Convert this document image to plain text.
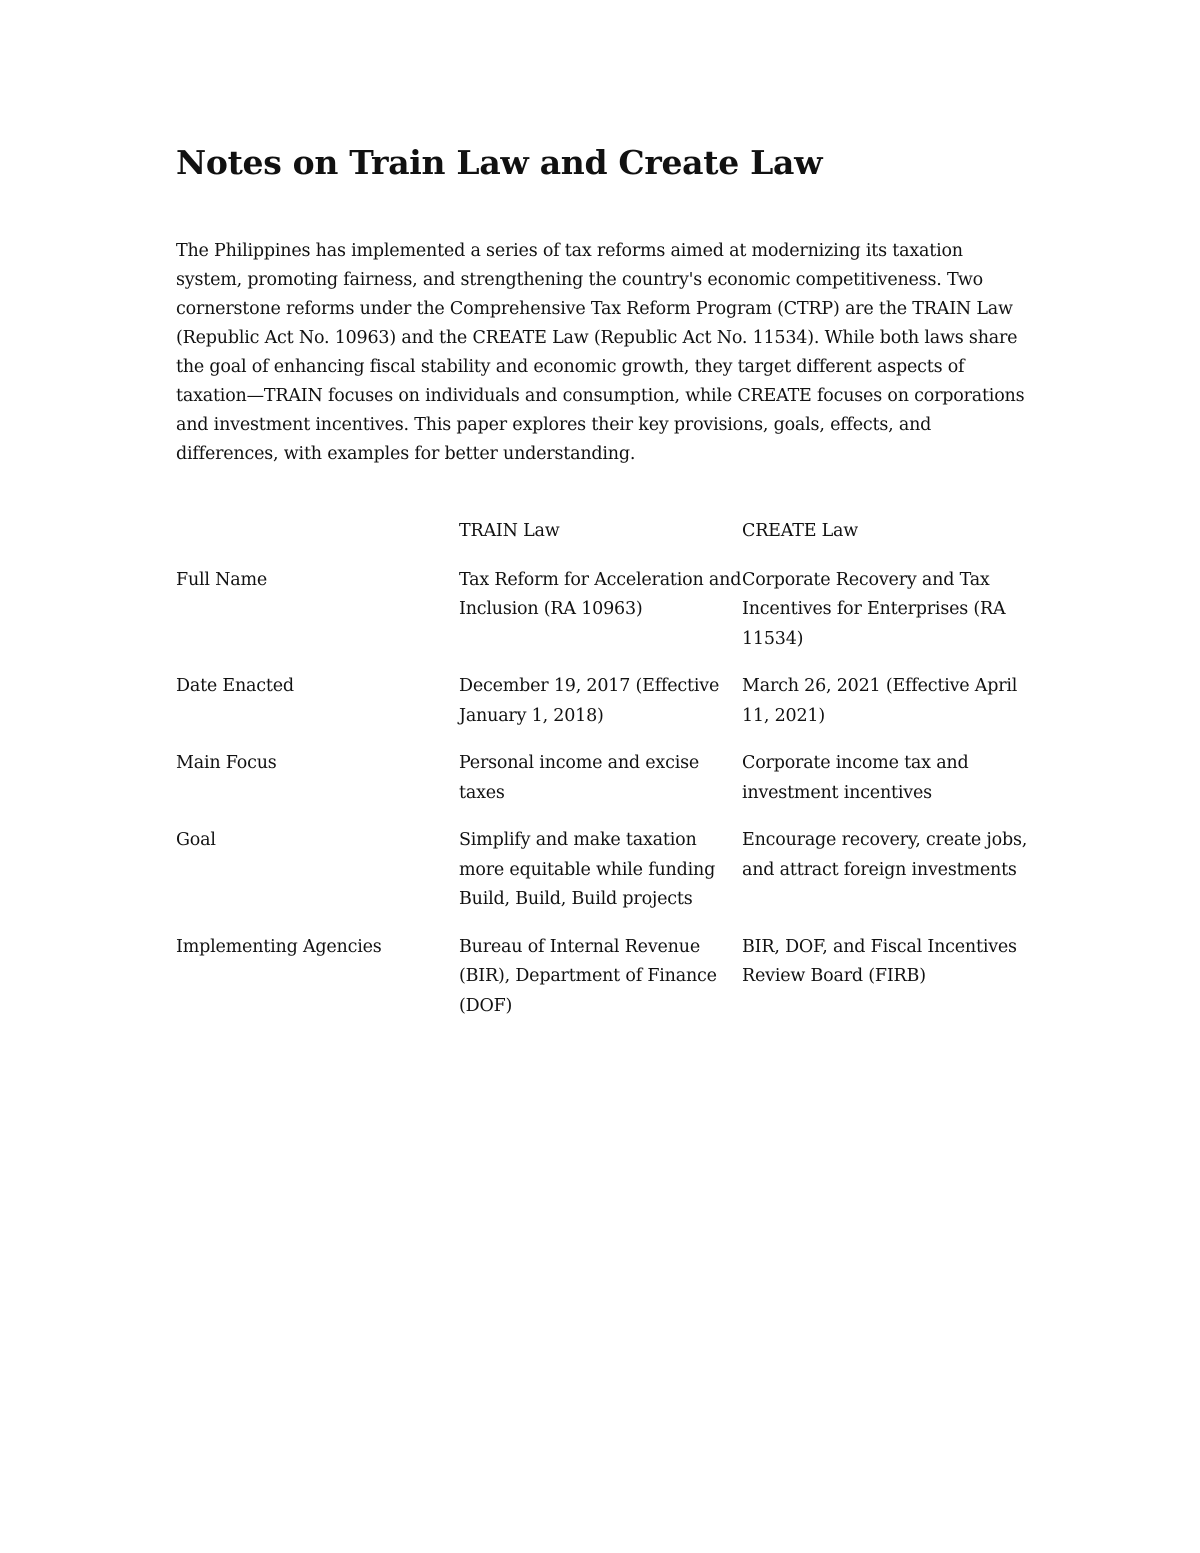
Notes on Train Law and Create Law

The Philippines has implemented a series of tax reforms aimed at modernizing its taxation system, promoting fairness, and strengthening the country's economic competitiveness. Two cornerstone reforms under the Comprehensive Tax Reform Program (CTRP) are the TRAIN Law (Republic Act No. 10963) and the CREATE Law (Republic Act No. 11534). While both laws share the goal of enhancing fiscal stability and economic growth, they target different aspects of taxation—TRAIN focuses on individuals and consumption, while CREATE focuses on corporations and investment incentives. This paper explores their key provisions, goals, effects, and differences, with examples for better understanding.

	TRAIN Law	CREATE Law
Full Name	Tax Reform for Acceleration and Inclusion (RA 10963)	Corporate Recovery and Tax Incentives for Enterprises (RA 11534)
Date Enacted	December 19, 2017 (Effective January 1, 2018)	March 26, 2021 (Effective April 11, 2021)
Main Focus	Personal income and excise taxes	Corporate income tax and investment incentives
Goal	Simplify and make taxation more equitable while funding Build, Build, Build projects	Encourage recovery, create jobs, and attract foreign investments
Implementing Agencies	Bureau of Internal Revenue (BIR), Department of Finance (DOF)	BIR, DOF, and Fiscal Incentives Review Board (FIRB)
